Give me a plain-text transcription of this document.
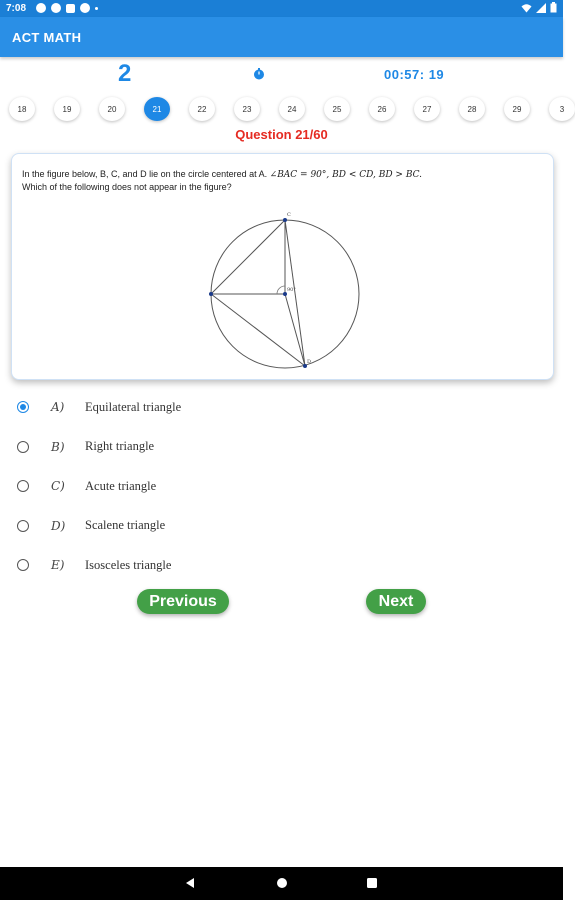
7:08
ACT MATH
2	00:57: 19
18	19	20	21	22	23	24	25	26	27	28	29	3
Question 21/60
In the figure below, B, C, and D lie on the circle centered at A. ∠BAC = 90°, BD < CD, BD > BC.
Which of the following does not appear in the figure?
90°
C
D
A) Equilateral triangle
B) Right triangle
C) Acute triangle
D) Scalene triangle
E) Isosceles triangle
Previous	Next
